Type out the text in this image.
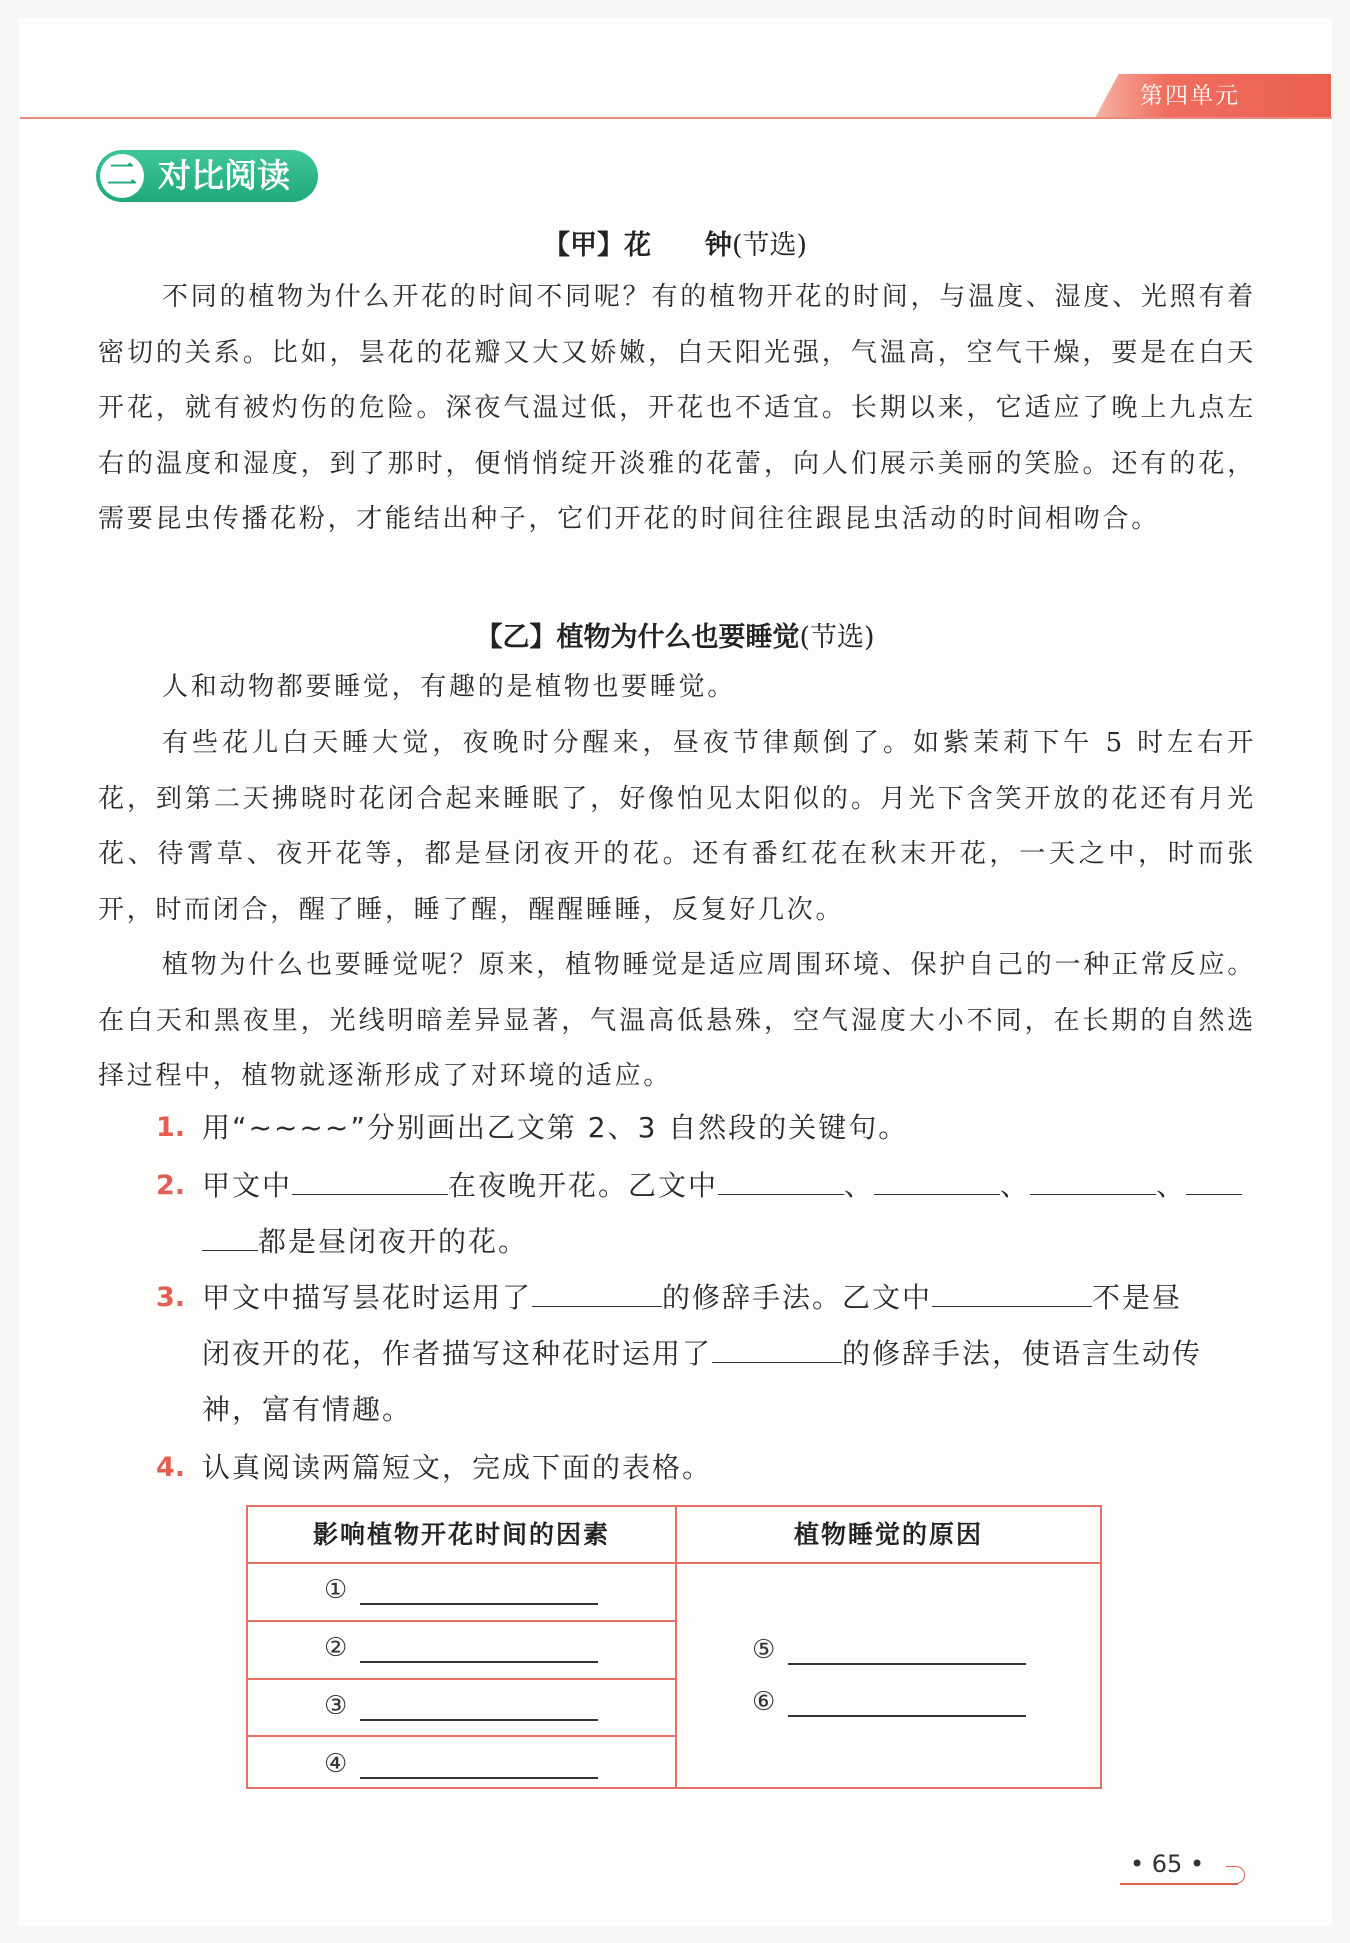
第四单元
二 对比阅读
【甲】花　　钟(节选)

不同的植物为什么开花的时间不同呢？有的植物开花的时间，与温度、湿度、光照有着密切的关系。比如，昙花的花瓣又大又娇嫩，白天阳光强，气温高，空气干燥，要是在白天开花，就有被灼伤的危险。深夜气温过低，开花也不适宜。长期以来，它适应了晚上九点左右的温度和湿度，到了那时，便悄悄绽开淡雅的花蕾，向人们展示美丽的笑脸。还有的花，需要昆虫传播花粉，才能结出种子，它们开花的时间往往跟昆虫活动的时间相吻合。

【乙】植物为什么也要睡觉(节选)

人和动物都要睡觉，有趣的是植物也要睡觉。

有些花儿白天睡大觉，夜晚时分醒来，昼夜节律颠倒了。如紫茉莉下午 5 时左右开花，到第二天拂晓时花闭合起来睡眠了，好像怕见太阳似的。月光下含笑开放的花还有月光花、待霄草、夜开花等，都是昼闭夜开的花。还有番红花在秋末开花，一天之中，时而张开，时而闭合，醒了睡，睡了醒，醒醒睡睡，反复好几次。

植物为什么也要睡觉呢？原来，植物睡觉是适应周围环境、保护自己的一种正常反应。在白天和黑夜里，光线明暗差异显著，气温高低悬殊，空气湿度大小不同，在长期的自然选择过程中，植物就逐渐形成了对环境的适应。

1. 用“~~~~”分别画出乙文第 2、3 自然段的关键句。
2. 甲文中	在夜晚开花。乙文中	、	、	、
都是昼闭夜开的花。
3. 甲文中描写昙花时运用了	的修辞手法。乙文中	不是昼
闭夜开的花，作者描写这种花时运用了	的修辞手法，使语言生动传
神，富有情趣。
4. 认真阅读两篇短文，完成下面的表格。
影响植物开花时间的因素	植物睡觉的原因
①
②
③
④
⑤
⑥
• 65 •
